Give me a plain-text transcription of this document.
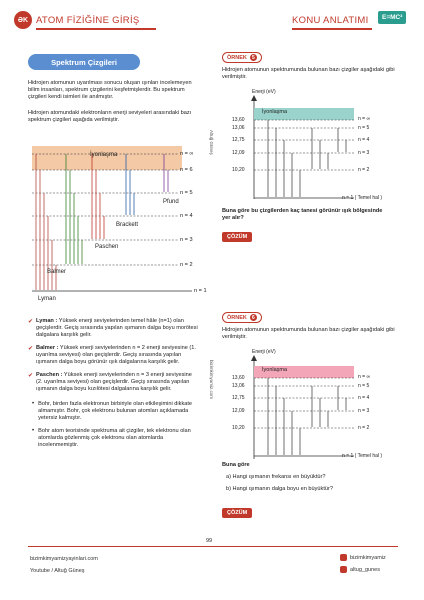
ƏK ATOM FİZİĞİNE GİRİŞ	KONU ANLATIMI	E=MC²
Spektrum Çizgileri
Hidrojen atomunun uyarılması sonucu oluşan ışınları incelemeyen bilim insanları, spektrum çizgilerini keşfetmişlerdir. Bu spektrum çizgileri kendi isimleri ile anılmıştır.
Hidrojen atomundaki elektronların enerji seviyeleri arasındaki bazı spektrum çizgileri aşağıda verilmiştir.
İyonlaşma	n = ∞
n = 6
n = 5
n = 4
n = 3
n = 2
n = 1
Pfund
Brackett
Paschen
Balmer
Lyman
✔ Lyman : Yüksek enerji seviyelerinden temel hâle (n=1) olan geçişlerdir. Geçiş sırasında yapılan ışımanın dalga boyu morötesi dalgalara karşılık gelir.
✔ Balmer : Yüksek enerji seviyelerinden n = 2 enerji seviyesine (1. uyarılma seviyesi) olan geçişlerdir. Geçiş sırasında yapılan ışımanın dalga boyu görünür ışık dalgalarına karşılık gelir.
✔ Paschen : Yüksek enerji seviyelerinden n = 3 enerji seviyesine (2. uyarılma seviyesi) olan geçişlerdir. Geçiş sırasında yapılan ışımanın dalga boyu kızılötesi dalgalarına karşılık gelir.
• Bohr, birden fazla elektronun birbiriyle olan etkileşimini dikkate almamıştır. Bohr, çok elektronu bulunan atomları açıklamada yetersiz kalmıştır.
• Bohr atom teorisinde spektruma ait çizgiler, tek elektronu olan atomlarda gözlenmiş çok elektronu olan atomlarda incelenmemiştir.
Altuğ Güneş
bizimkimyamiz.com
ÖRNEK	5
Hidrojen atomunun spektrumunda bulunan bazı çizgiler aşağıdaki gibi verilmiştir.
Enerji (eV)
İyonlaşma
13,60
13,06
12,75
12,09
10,20
n = ∞
n = 5
n = 4
n = 3
n = 2
n = 1 ( Temel hal )
Buna göre bu çizgilerden kaç tanesi görünür ışık bölgesinde yer alır?
ÇÖZÜM
ÖRNEK	6
Hidrojen atomunun spektrumunda bulunan bazı çizgiler aşağıdaki gibi verilmiştir.
Enerji (eV)
İyonlaşma
13,60
13,06
12,75
12,09
10,20
n = ∞
n = 5
n = 4
n = 3
n = 2
n = 1 ( Temel hal )
Buna göre
a) Hangi ışımanın frekansı en büyüktür?
b) Hangi ışımanın dalga boyu en büyüktür?
ÇÖZÜM
99
bizimkimyamizyayinlari.com
Youtube / Altuğ Güneş
bizimkimyamiz
altug_gunes
